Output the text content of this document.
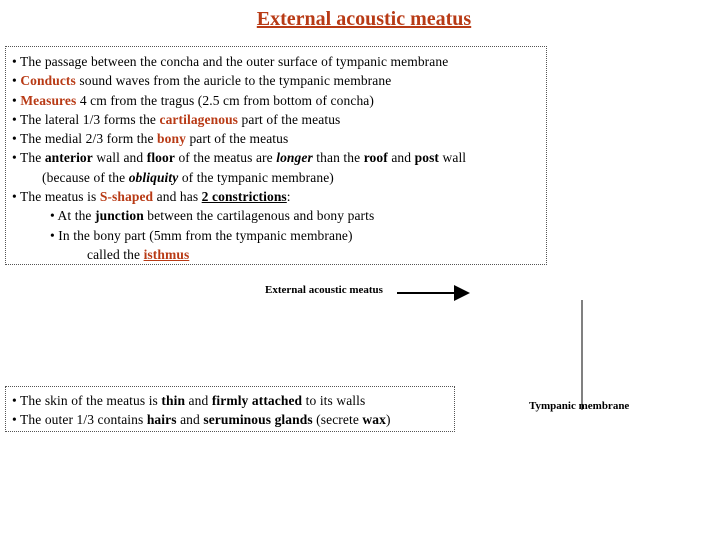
External acoustic meatus
• The passage between the concha and the outer surface of tympanic membrane
• Conducts sound waves from the auricle to the tympanic membrane
• Measures 4 cm from the tragus (2.5 cm from bottom of concha)
• The lateral 1/3 forms the cartilagenous part of the meatus
• The medial 2/3 form the bony part of the meatus
• The anterior wall and floor of the meatus are longer than the roof and post wall
(because of the obliquity of the tympanic membrane)
• The meatus is S-shaped and has 2 constrictions:
• At the junction between the cartilagenous and bony parts
• In the bony part (5mm from the tympanic membrane)
called the isthmus
External acoustic meatus
• The skin of the meatus is thin and firmly attached to its walls
• The outer 1/3 contains hairs and seruminous glands (secrete wax)
Tympanic membrane
